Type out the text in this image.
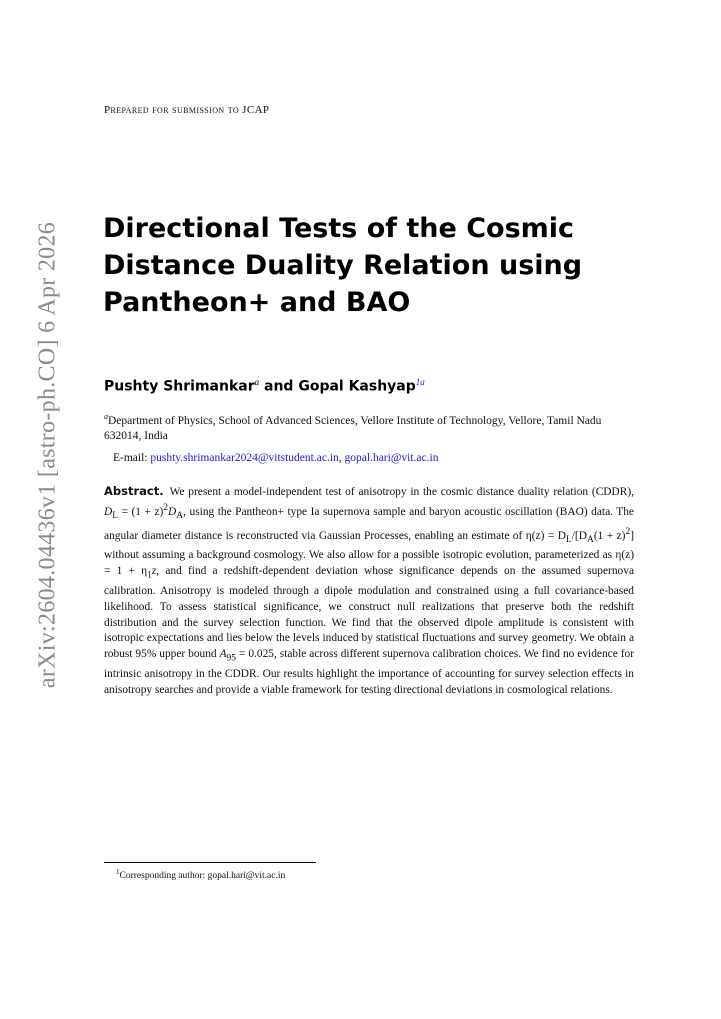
arXiv:2604.04436v1 [astro-ph.CO] 6 Apr 2026
Prepared for submission to JCAP
Directional Tests of the Cosmic Distance Duality Relation using Pantheon+ and BAO
Pushty Shrimankar$^a$ and Gopal Kashyap$^{1a}$
$^a$Department of Physics, School of Advanced Sciences, Vellore Institute of Technology, Vellore, Tamil Nadu 632014, India
E-mail: pushty.shrimankar2024@vitstudent.ac.in, gopal.hari@vit.ac.in

Abstract. We present a model-independent test of anisotropy in the cosmic distance duality relation (CDDR), $D_L = (1 + z)^2D_A$, using the Pantheon+ type Ia supernova sample and baryon acoustic oscillation (BAO) data. The angular diameter distance is reconstructed via Gaussian Processes, enabling an estimate of $\eta(z) = D_L/[D_A(1 + z)^2]$ without assuming a background cosmology. We also allow for a possible isotropic evolution, parameterized as $\eta(z) = 1 + \eta_1z$, and find a redshift-dependent deviation whose significance depends on the assumed supernova calibration. Anisotropy is modeled through a dipole modulation and constrained using a full covariance-based likelihood. To assess statistical significance, we construct null realizations that preserve both the redshift distribution and the survey selection function. We find that the observed dipole amplitude is consistent with isotropic expectations and lies below the levels induced by statistical fluctuations and survey geometry. We obtain a robust 95% upper bound $A_{95} = 0.025$, stable across different supernova calibration choices. We find no evidence for intrinsic anisotropy in the CDDR. Our results highlight the importance of accounting for survey selection effects in anisotropy searches and provide a viable framework for testing directional deviations in cosmological relations.

$^1$Corresponding author: gopal.hari@vit.ac.in
